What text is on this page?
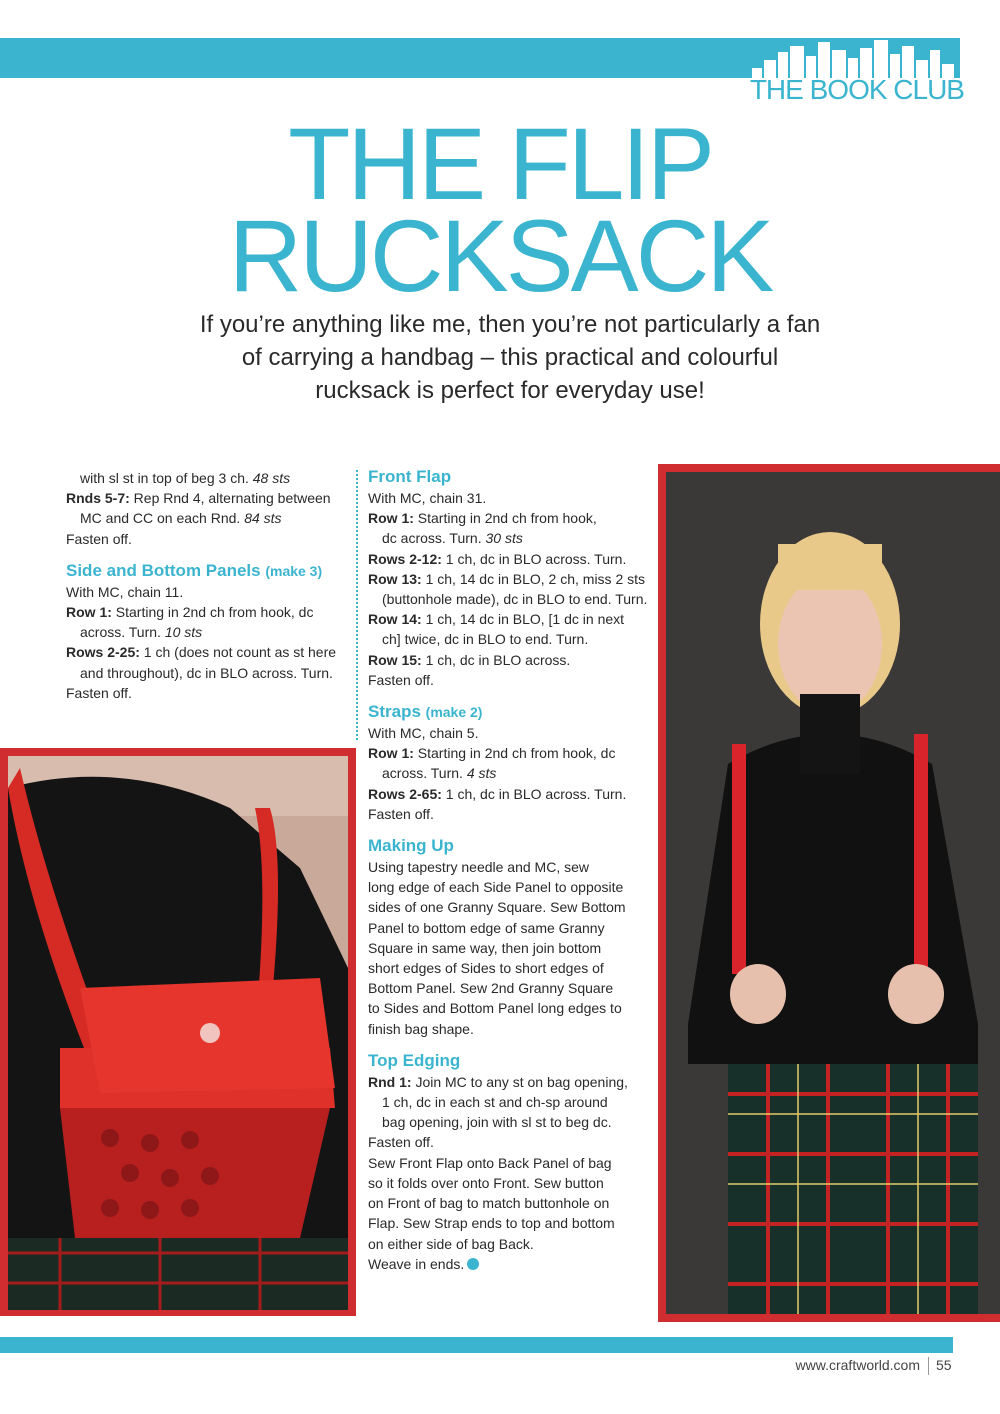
THE BOOK CLUB
THE FLIP
RUCKSACK
If you’re anything like me, then you’re not particularly a fan
of carrying a handbag – this practical and colourful
rucksack is perfect for everyday use!

with sl st in top of beg 3 ch. 48 sts

Rnds 5-7: Rep Rnd 4, alternating between

MC and CC on each Rnd. 84 sts

Fasten off.

Side and Bottom Panels (make 3)

With MC, chain 11.

Row 1: Starting in 2nd ch from hook, dc

across. Turn. 10 sts

Rows 2-25: 1 ch (does not count as st here

and throughout), dc in BLO across. Turn.

Fasten off.

Front Flap

With MC, chain 31.

Row 1: Starting in 2nd ch from hook,

dc across. Turn. 30 sts

Rows 2-12: 1 ch, dc in BLO across. Turn.

Row 13: 1 ch, 14 dc in BLO, 2 ch, miss 2 sts

(buttonhole made), dc in BLO to end. Turn.

Row 14: 1 ch, 14 dc in BLO, [1 dc in next

ch] twice, dc in BLO to end. Turn.

Row 15: 1 ch, dc in BLO across.

Fasten off.

Straps (make 2)

With MC, chain 5.

Row 1: Starting in 2nd ch from hook, dc

across. Turn. 4 sts

Rows 2-65: 1 ch, dc in BLO across. Turn.

Fasten off.

Making Up

Using tapestry needle and MC, sew

long edge of each Side Panel to opposite

sides of one Granny Square. Sew Bottom

Panel to bottom edge of same Granny

Square in same way, then join bottom

short edges of Sides to short edges of

Bottom Panel. Sew 2nd Granny Square

to Sides and Bottom Panel long edges to

finish bag shape.

Top Edging

Rnd 1: Join MC to any st on bag opening,

1 ch, dc in each st and ch-sp around

bag opening, join with sl st to beg dc.

Fasten off.

Sew Front Flap onto Back Panel of bag

so it folds over onto Front. Sew button

on Front of bag to match buttonhole on

Flap. Sew Strap ends to top and bottom

on either side of bag Back.

Weave in ends.

www.craftworld.com 55
